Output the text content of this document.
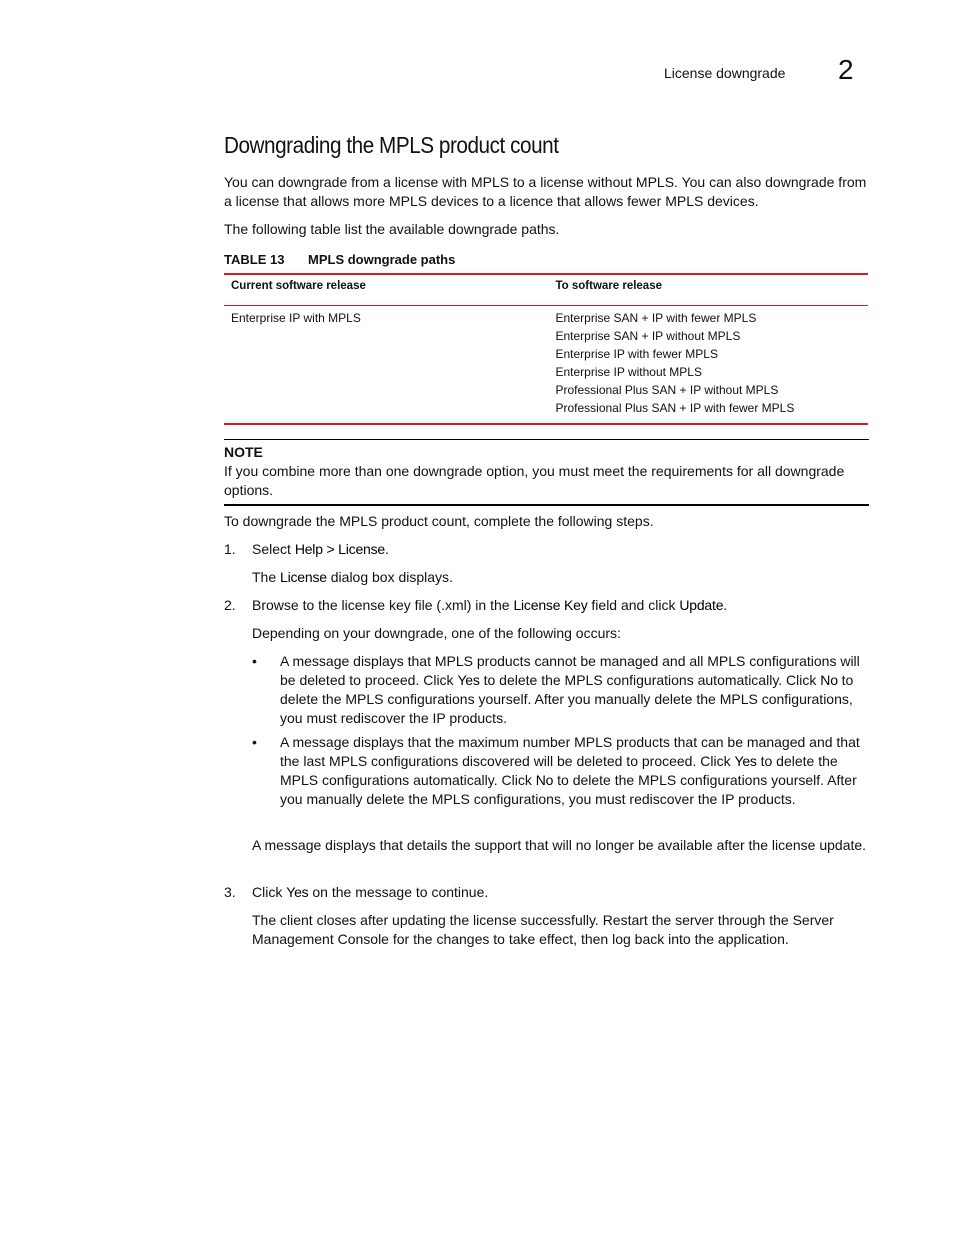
License downgrade 2
Downgrading the MPLS product count

You can downgrade from a license with MPLS to a license without MPLS. You can also downgrade from a license that allows more MPLS devices to a licence that allows fewer MPLS devices.

The following table list the available downgrade paths.

TABLE 13 MPLS downgrade paths
Current software release	To software release
Enterprise IP with MPLS	Enterprise SAN + IP with fewer MPLS
Enterprise SAN + IP without MPLS
Enterprise IP with fewer MPLS
Enterprise IP without MPLS
Professional Plus SAN + IP without MPLS
Professional Plus SAN + IP with fewer MPLS
NOTE
If you combine more than one downgrade option, you must meet the requirements for all downgrade options.

To downgrade the MPLS product count, complete the following steps.

1. Select Help > License.
The License dialog box displays.
2. Browse to the license key file (.xml) in the License Key field and click Update.
Depending on your downgrade, one of the following occurs:
• A message displays that MPLS products cannot be managed and all MPLS configurations will be deleted to proceed. Click Yes to delete the MPLS configurations automatically. Click No to delete the MPLS configurations yourself. After you manually delete the MPLS configurations, you must rediscover the IP products.
• A message displays that the maximum number MPLS products that can be managed and that the last MPLS configurations discovered will be deleted to proceed. Click Yes to delete the MPLS configurations automatically. Click No to delete the MPLS configurations yourself. After you manually delete the MPLS configurations, you must rediscover the IP products.
A message displays that details the support that will no longer be available after the license update.
3. Click Yes on the message to continue.
The client closes after updating the license successfully. Restart the server through the Server Management Console for the changes to take effect, then log back into the application.
